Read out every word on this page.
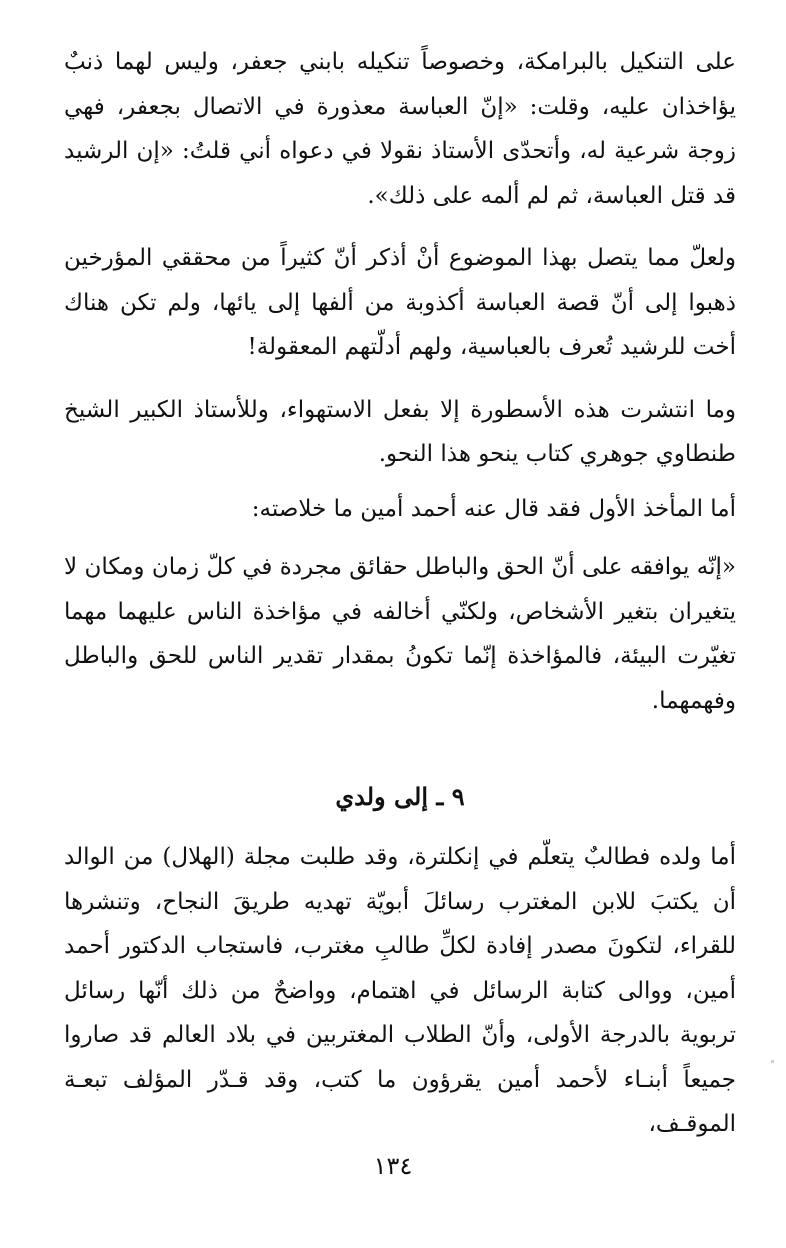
على التنكيل بالبرامكة، وخصوصاً تنكيله بابني جعفر، وليس لهما ذنبٌ يؤاخذان عليه، وقلت: «إنّ العباسة معذورة في الاتصال بجعفر، فهي زوجة شرعية له، وأتحدّى الأستاذ نقولا في دعواه أني قلتُ: «إن الرشيد قد قتل العباسة، ثم لم ألمه على ذلك».

ولعلّ مما يتصل بهذا الموضوع أنْ أذكر أنّ كثيراً من محققي المؤرخين ذهبوا إلى أنّ قصة العباسة أكذوبة من ألفها إلى يائها، ولم تكن هناك أخت للرشيد تُعرف بالعباسية، ولهم أدلّتهم المعقولة!

وما انتشرت هذه الأسطورة إلا بفعل الاستهواء، وللأستاذ الكبير الشيخ طنطاوي جوهري كتاب ينحو هذا النحو.

أما المأخذ الأول فقد قال عنه أحمد أمين ما خلاصته:

«إنّه يوافقه على أنّ الحق والباطل حقائق مجردة في كلّ زمان ومكان لا يتغيران بتغير الأشخاص، ولكنّي أخالفه في مؤاخذة الناس عليهما مهما تغيّرت البيئة، فالمؤاخذة إنّما تكونُ بمقدار تقدير الناس للحق والباطل وفهمهما.

٩ ـ إلى ولدي

أما ولده فطالبٌ يتعلّم في إنكلترة، وقد طلبت مجلة (الهلال) من الوالد أن يكتبَ للابن المغترب رسائلَ أبويّة تهديه طريقَ النجاح، وتنشرها للقراء، لتكونَ مصدر إفادة لكلِّ طالبِ مغترب، فاستجاب الدكتور أحمد أمين، ووالى كتابة الرسائل في اهتمام، وواضحٌ من ذلك أنّها رسائل تربوية بالدرجة الأولى، وأنّ الطلاب المغتربين في بلاد العالم قد صاروا جميعاً أبنـاء لأحمد أمين يقرؤون ما كتب، وقد قـدّر المؤلف تبعـة الموقـف،

١٣٤
